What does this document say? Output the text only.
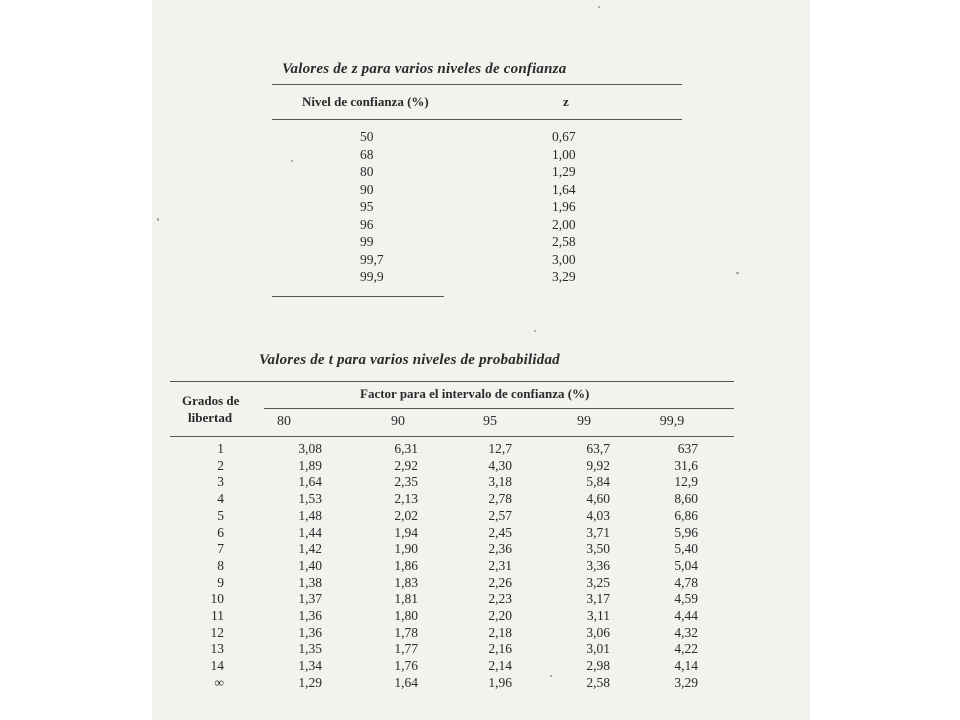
Valores de z para varios niveles de confianza
Nivel de confianza (%)	z
50	0,67
68	1,00
80	1,29
90	1,64
95	1,96
96	2,00
99	2,58
99,7	3,00
99,9	3,29
Valores de t para varios niveles de probabilidad
Grados de
libertad
Factor para el intervalo de confianza (%)
80	90	95	99	99,9
1	3,08	6,31	12,7	63,7	637
2	1,89	2,92	4,30	9,92	31,6
3	1,64	2,35	3,18	5,84	12,9
4	1,53	2,13	2,78	4,60	8,60
5	1,48	2,02	2,57	4,03	6,86
6	1,44	1,94	2,45	3,71	5,96
7	1,42	1,90	2,36	3,50	5,40
8	1,40	1,86	2,31	3,36	5,04
9	1,38	1,83	2,26	3,25	4,78
10	1,37	1,81	2,23	3,17	4,59
11	1,36	1,80	2,20	3,11	4,44
12	1,36	1,78	2,18	3,06	4,32
13	1,35	1,77	2,16	3,01	4,22
14	1,34	1,76	2,14	2,98	4,14
∞	1,29	1,64	1,96	2,58	3,29
